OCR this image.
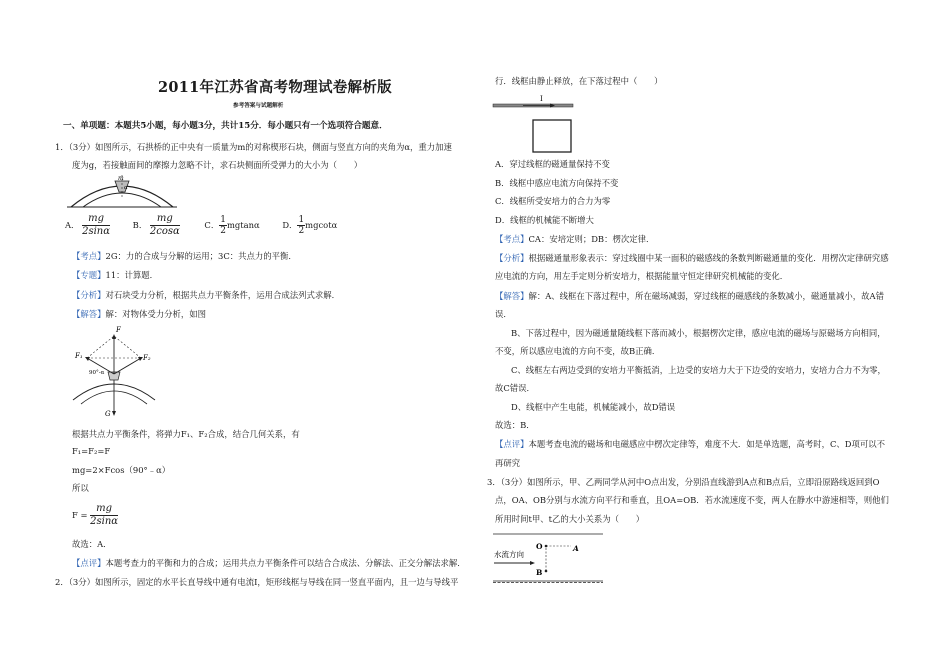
2011年江苏省高考物理试卷解析版
参考答案与试题解析
一、单项题：本题共5小题，每小题3分，共计15分．每小题只有一个选项符合题意．
1．（3分）如图所示，石拱桥的正中央有一质量为m的对称楔形石块，侧面与竖直方向的夹角为α，重力加速
度为g，若接触面间的摩擦力忽略不计，求石块侧面所受弹力的大小为（　　）
m
α
A． $\frac{mg}{2\sin\alpha}$	B． $\frac{mg}{2\cos\alpha}$	C． $\frac{1}{2}$ mgtanα	D． $\frac{1}{2}$ mgcotα
【考点】2G：力的合成与分解的运用；3C：共点力的平衡．
【专题】11：计算题．
【分析】对石块受力分析，根据共点力平衡条件，运用合成法列式求解．
【解答】解：对物体受力分析，如图
F
F₁	F₂
90°-α
G
根据共点力平衡条件，将弹力F₁、F₂合成，结合几何关系，有
F₁=F₂=F
mg=2×Fcos（90°﹣α）
所以
$F = \frac{mg}{2\sin\alpha}$
故选：A．
【点评】本题考查力的平衡和力的合成；运用共点力平衡条件可以结合合成法、分解法、正交分解法求解．
2．（3分）如图所示，固定的水平长直导线中通有电流I，矩形线框与导线在同一竖直平面内，且一边与导线平
行．线框由静止释放，在下落过程中（　　）
I
A．穿过线框的磁通量保持不变
B．线框中感应电流方向保持不变
C．线框所受安培力的合力为零
D．线框的机械能不断增大
【考点】CA：安培定则；DB：楞次定律．
【分析】根据磁通量形象表示：穿过线圈中某一面积的磁感线的条数判断磁通量的变化．用楞次定律研究感
应电流的方向，用左手定则分析安培力，根据能量守恒定律研究机械能的变化．
【解答】解：A、线框在下落过程中，所在磁场减弱，穿过线框的磁感线的条数减小，磁通量减小，故A错
误．
B、下落过程中，因为磁通量随线框下落而减小，根据楞次定律，感应电流的磁场与原磁场方向相同，
不变，所以感应电流的方向不变，故B正确．
C、线框左右两边受到的安培力平衡抵消，上边受的安培力大于下边受的安培力，安培力合力不为零，
故C错误．
D、线框中产生电能，机械能减小，故D错误
故选：B．
【点评】本题考查电流的磁场和电磁感应中楞次定律等，难度不大．如是单选题，高考时，C、D项可以不
再研究
3．（3分）如图所示，甲、乙两同学从河中O点出发，分别沿直线游到A点和B点后，立即沿原路线返回到O
点，OA、OB分别与水流方向平行和垂直，且OA=OB．若水流速度不变，两人在静水中游速相等，则他们
所用时间t甲、t乙的大小关系为（　　）
水流方向
O	A
B
